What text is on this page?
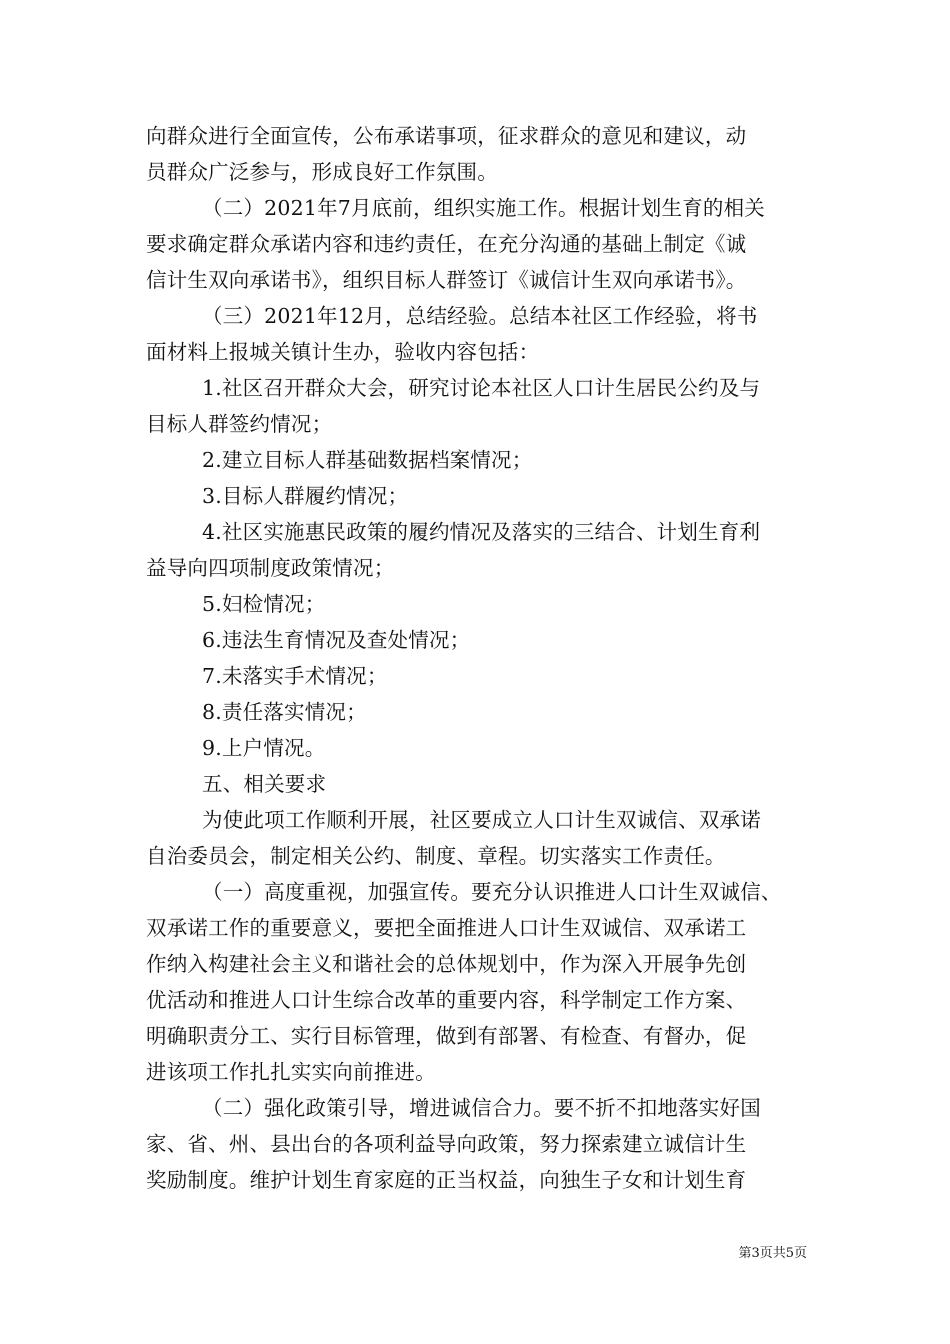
向群众进行全面宣传，公布承诺事项，征求群众的意见和建议，动
员群众广泛参与，形成良好工作氛围。
（二）2021年7月底前，组织实施工作。根据计划生育的相关
要求确定群众承诺内容和违约责任，在充分沟通的基础上制定《诚
信计生双向承诺书》，组织目标人群签订《诚信计生双向承诺书》。
（三）2021年12月，总结经验。总结本社区工作经验，将书
面材料上报城关镇计生办，验收内容包括：
1.社区召开群众大会，研究讨论本社区人口计生居民公约及与
目标人群签约情况；
2.建立目标人群基础数据档案情况；
3.目标人群履约情况；
4.社区实施惠民政策的履约情况及落实的三结合、计划生育利
益导向四项制度政策情况；
5.妇检情况；
6.违法生育情况及查处情况；
7.未落实手术情况；
8.责任落实情况；
9.上户情况。
五、相关要求
为使此项工作顺利开展，社区要成立人口计生双诚信、双承诺
自治委员会，制定相关公约、制度、章程。切实落实工作责任。
（一）高度重视，加强宣传。要充分认识推进人口计生双诚信、
双承诺工作的重要意义，要把全面推进人口计生双诚信、双承诺工
作纳入构建社会主义和谐社会的总体规划中，作为深入开展争先创
优活动和推进人口计生综合改革的重要内容，科学制定工作方案、
明确职责分工、实行目标管理，做到有部署、有检查、有督办，促
进该项工作扎扎实实向前推进。
（二）强化政策引导，增进诚信合力。要不折不扣地落实好国
家、省、州、县出台的各项利益导向政策，努力探索建立诚信计生
奖励制度。维护计划生育家庭的正当权益，向独生子女和计划生育
第3页共5页
